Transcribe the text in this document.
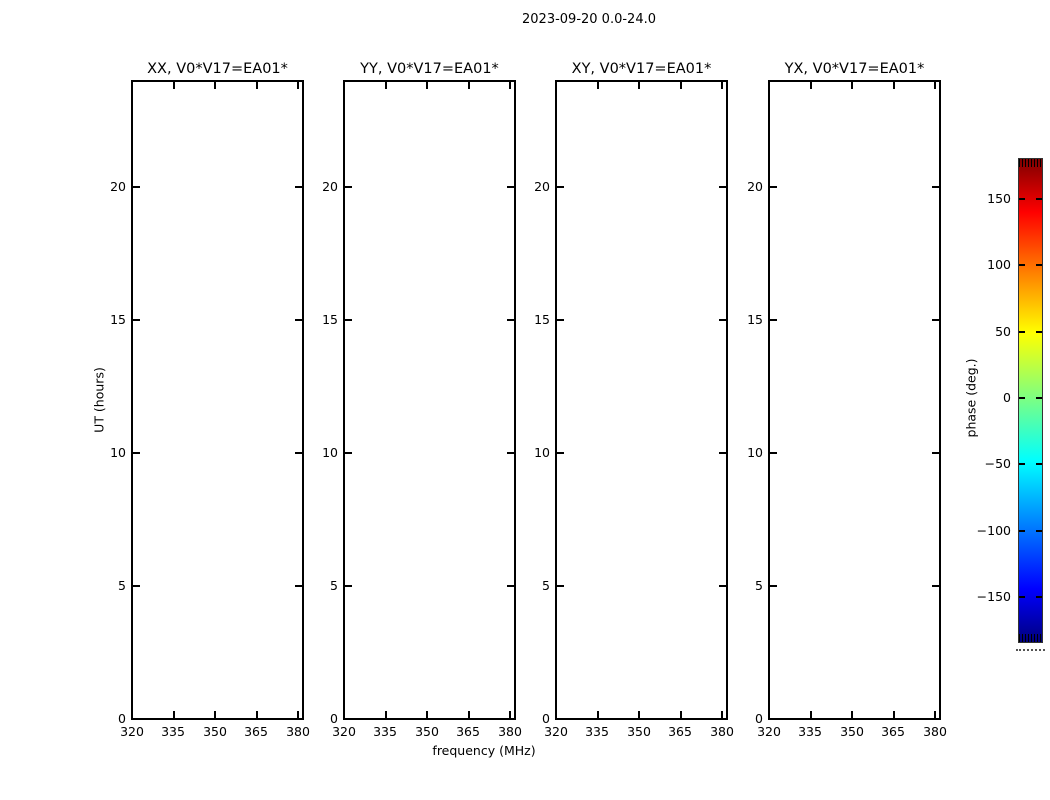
2023-09-20 0.0-24.0
XX, V0*V17=EA01*
20
15
10
5
0
320	335	350	365	380
YY, V0*V17=EA01*
20
15
10
5
0
320	335	350	365	380
XY, V0*V17=EA01*
20
15
10
5
0
320	335	350	365	380
YX, V0*V17=EA01*
20
15
10
5
0
320	335	350	365	380
frequency (MHz)
UT (hours)
150
100
50
0
−50
−100
−150
phase (deg.)
